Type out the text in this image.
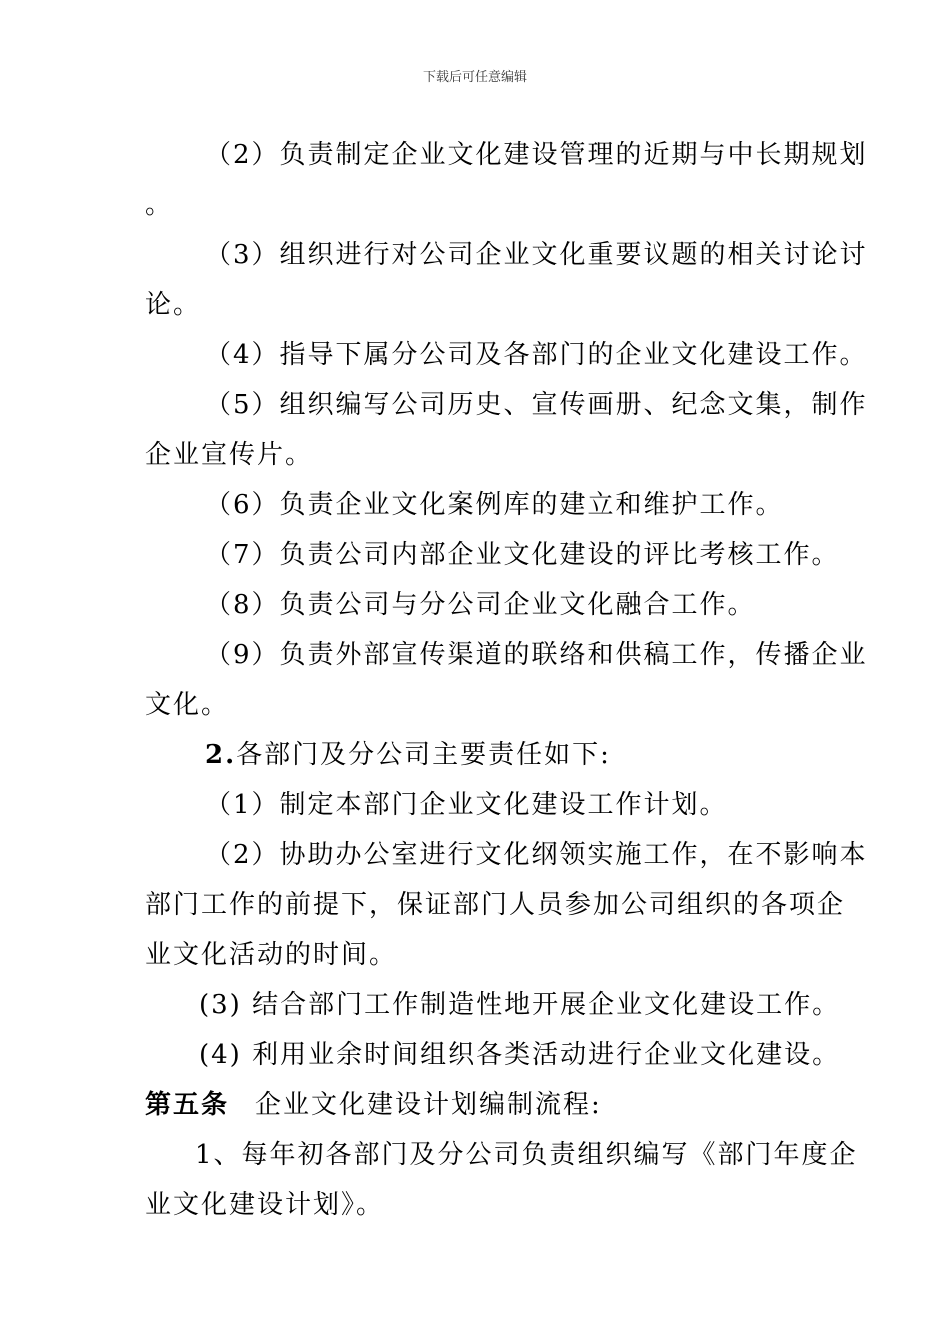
下载后可任意编辑
（2）负责制定企业文化建设管理的近期与中长期规划
。
（3）组织进行对公司企业文化重要议题的相关讨论讨
论。
（4）指导下属分公司及各部门的企业文化建设工作。
（5）组织编写公司历史、宣传画册、纪念文集，制作
企业宣传片。
（6）负责企业文化案例库的建立和维护工作。
（7）负责公司内部企业文化建设的评比考核工作。
（8）负责公司与分公司企业文化融合工作。
（9）负责外部宣传渠道的联络和供稿工作，传播企业
文化。
2.各部门及分公司主要责任如下:
（1）制定本部门企业文化建设工作计划。
（2）协助办公室进行文化纲领实施工作，在不影响本
部门工作的前提下，保证部门人员参加公司组织的各项企
业文化活动的时间。
(3) 结合部门工作制造性地开展企业文化建设工作。
(4) 利用业余时间组织各类活动进行企业文化建设。
第五条 企业文化建设计划编制流程:
1、每年初各部门及分公司负责组织编写《部门年度企
业文化建设计划》。
